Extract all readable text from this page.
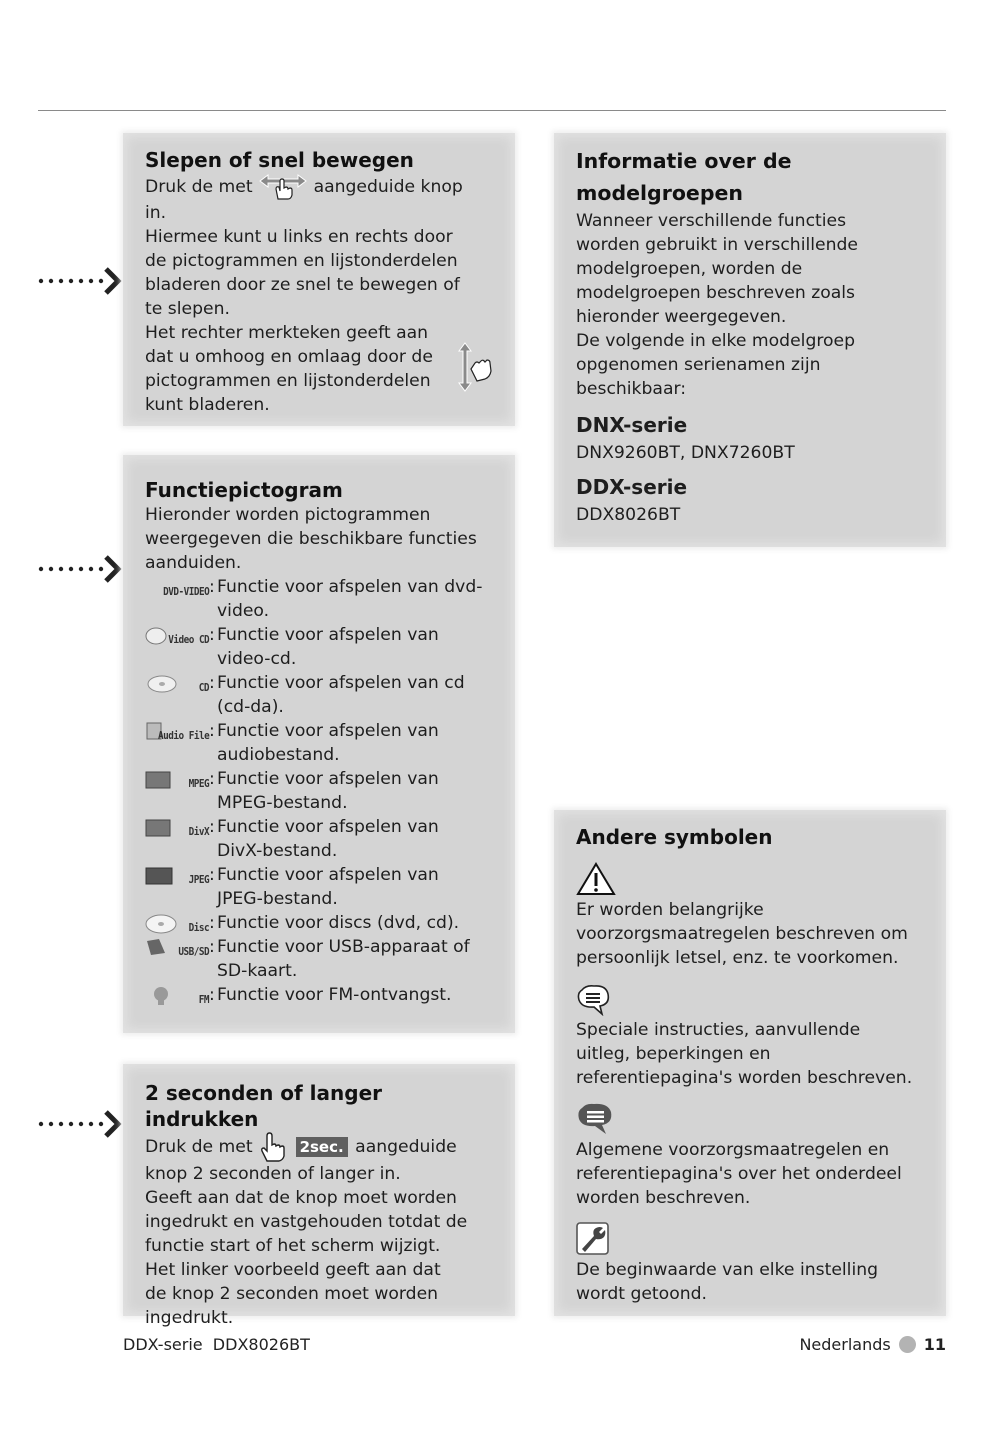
Slepen of snel bewegen
Druk de met	aangeduide knop

in.

Hiermee kunt u links en rechts door

de pictogrammen en lijstonderdelen

bladeren door ze snel te bewegen of

te slepen.

Het rechter merkteken geeft aan

dat u omhoog en omlaag door de

pictogrammen en lijstonderdelen

kunt bladeren.

Functiepictogram

Hieronder worden pictogrammen

weergegeven die beschikbare functies

aanduiden.

DVD-VIDEO : Functie voor afspelen van dvd-
video.
Video CD : Functie voor afspelen van
video-cd.
CD : Functie voor afspelen van cd
(cd-da).
Audio File : Functie voor afspelen van
audiobestand.
MPEG : Functie voor afspelen van
MPEG-bestand.
DivX : Functie voor afspelen van
DivX-bestand.
JPEG : Functie voor afspelen van
JPEG-bestand.
Disc : Functie voor discs (dvd, cd).
USB/SD : Functie voor USB-apparaat of
SD-kaart.
FM : Functie voor FM-ontvangst.
2 seconden of langer indrukken
Druk de met	2sec. aangeduide

knop 2 seconden of langer in.

Geeft aan dat de knop moet worden

ingedrukt en vastgehouden totdat de

functie start of het scherm wijzigt.

Het linker voorbeeld geeft aan dat

de knop 2 seconden moet worden

ingedrukt.

Informatie over de
modelgroepen

Wanneer verschillende functies

worden gebruikt in verschillende

modelgroepen, worden de

modelgroepen beschreven zoals

hieronder weergegeven.

De volgende in elke modelgroep

opgenomen serienamen zijn

beschikbaar:

DNX-serie

DNX9260BT, DNX7260BT

DDX-serie

DDX8026BT

Andere symbolen

Er worden belangrijke

voorzorgsmaatregelen beschreven om

persoonlijk letsel, enz. te voorkomen.

Speciale instructies, aanvullende

uitleg, beperkingen en

referentiepagina's worden beschreven.

Algemene voorzorgsmaatregelen en

referentiepagina's over het onderdeel

worden beschreven.

De beginwaarde van elke instelling

wordt getoond.

DDX-serie DDX8026BT	Nederlands 11
